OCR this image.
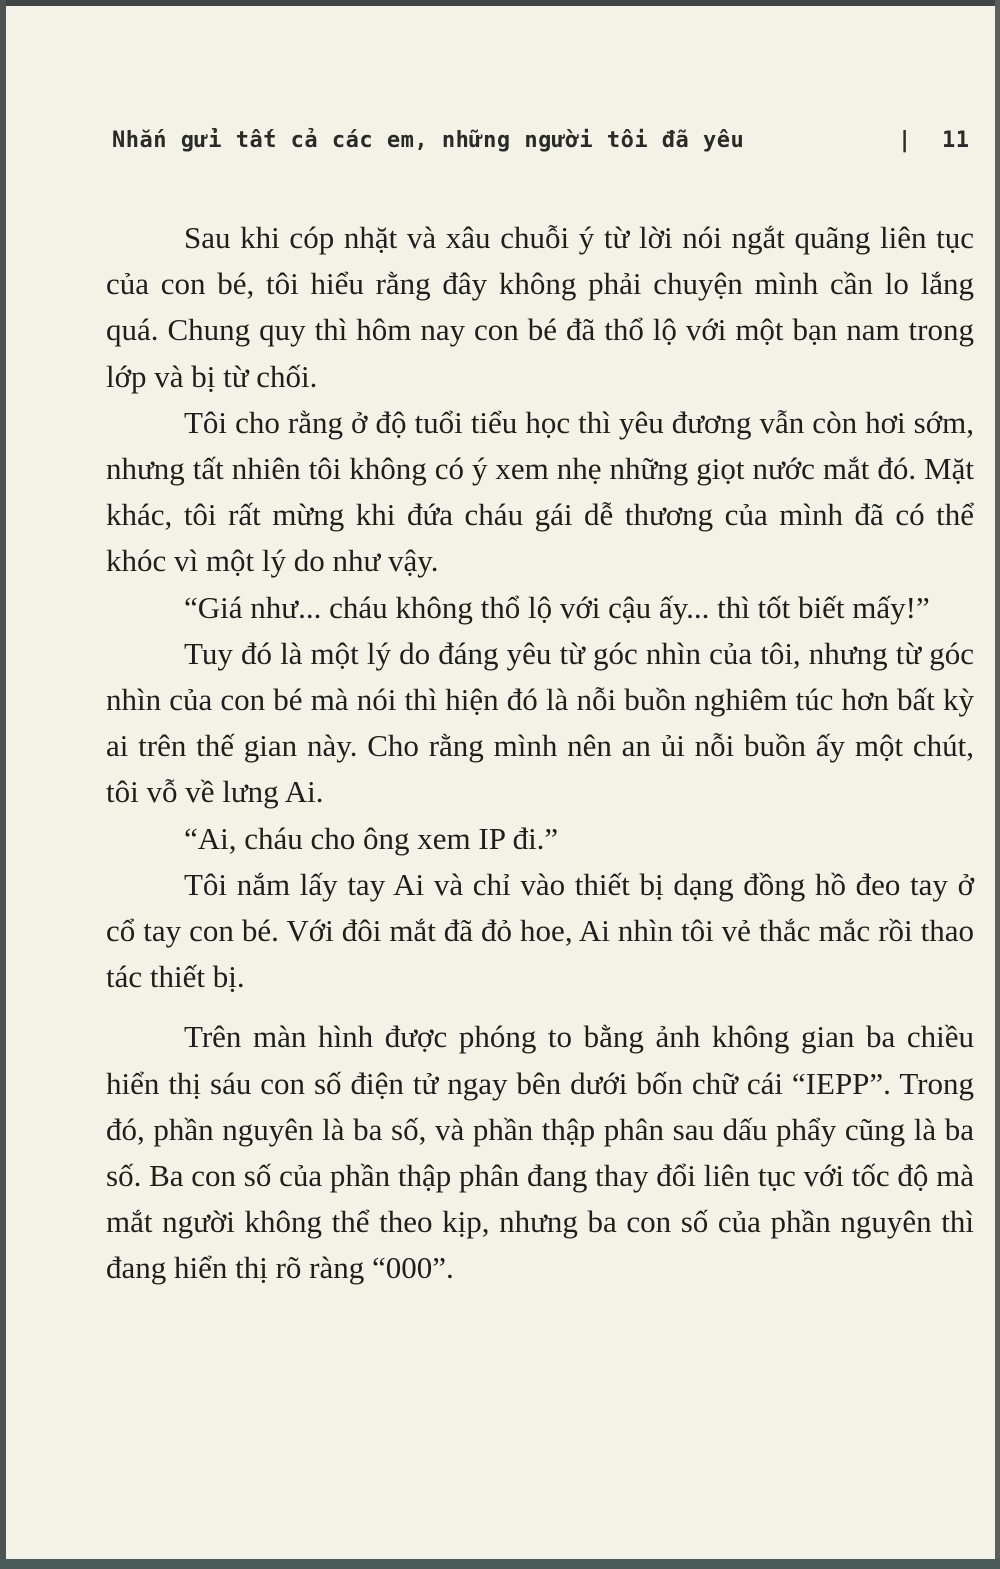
Nhắn gửi tất cả các em, những người tôi đã yêu	| 11

Sau khi cóp nhặt và xâu chuỗi ý từ lời nói ngắt quãng liên tục của con bé, tôi hiểu rằng đây không phải chuyện mình cần lo lắng quá. Chung quy thì hôm nay con bé đã thổ lộ với một bạn nam trong lớp và bị từ chối.

Tôi cho rằng ở độ tuổi tiểu học thì yêu đương vẫn còn hơi sớm, nhưng tất nhiên tôi không có ý xem nhẹ những giọt nước mắt đó. Mặt khác, tôi rất mừng khi đứa cháu gái dễ thương của mình đã có thể khóc vì một lý do như vậy.

“Giá như... cháu không thổ lộ với cậu ấy... thì tốt biết mấy!”

Tuy đó là một lý do đáng yêu từ góc nhìn của tôi, nhưng từ góc nhìn của con bé mà nói thì hiện đó là nỗi buồn nghiêm túc hơn bất kỳ ai trên thế gian này. Cho rằng mình nên an ủi nỗi buồn ấy một chút, tôi vỗ về lưng Ai.

“Ai, cháu cho ông xem IP đi.”

Tôi nắm lấy tay Ai và chỉ vào thiết bị dạng đồng hồ đeo tay ở cổ tay con bé. Với đôi mắt đã đỏ hoe, Ai nhìn tôi vẻ thắc mắc rồi thao tác thiết bị.

Trên màn hình được phóng to bằng ảnh không gian ba chiều hiển thị sáu con số điện tử ngay bên dưới bốn chữ cái “IEPP”. Trong đó, phần nguyên là ba số, và phần thập phân sau dấu phẩy cũng là ba số. Ba con số của phần thập phân đang thay đổi liên tục với tốc độ mà mắt người không thể theo kịp, nhưng ba con số của phần nguyên thì đang hiển thị rõ ràng “000”.
